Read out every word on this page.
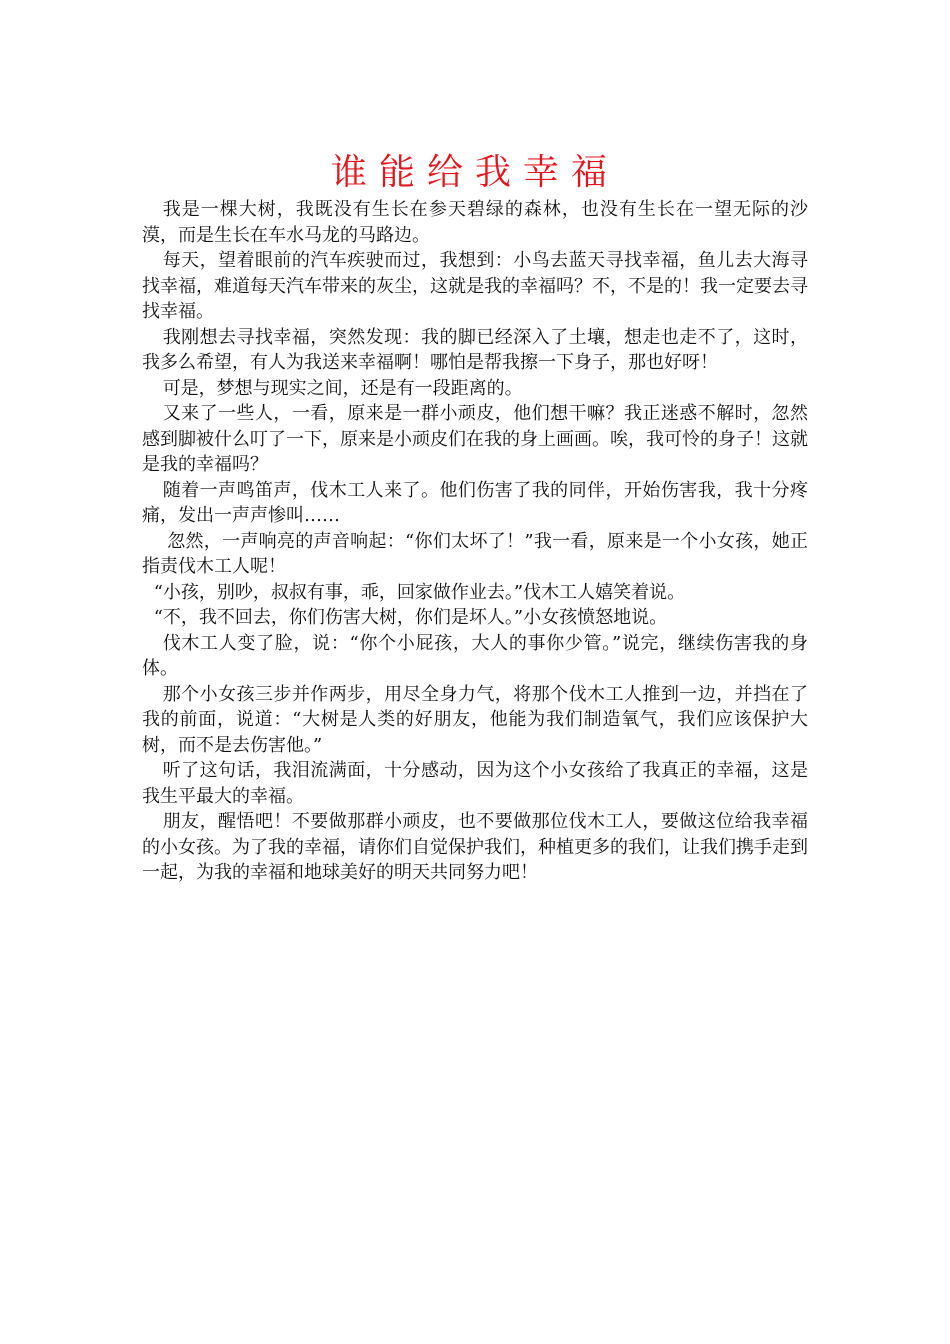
谁能给我幸福

我是一棵大树，我既没有生长在参天碧绿的森林，也没有生长在一望无际的沙漠，而是生长在车水马龙的马路边。

每天，望着眼前的汽车疾驶而过，我想到：小鸟去蓝天寻找幸福，鱼儿去大海寻找幸福，难道每天汽车带来的灰尘，这就是我的幸福吗？不，不是的！我一定要去寻找幸福。

我刚想去寻找幸福，突然发现：我的脚已经深入了土壤，想走也走不了，这时，我多么希望，有人为我送来幸福啊！哪怕是帮我擦一下身子，那也好呀！

可是，梦想与现实之间，还是有一段距离的。

又来了一些人，一看，原来是一群小顽皮，他们想干嘛？我正迷惑不解时，忽然感到脚被什么叮了一下，原来是小顽皮们在我的身上画画。唉，我可怜的身子！这就是我的幸福吗？

随着一声鸣笛声，伐木工人来了。他们伤害了我的同伴，开始伤害我，我十分疼痛，发出一声声惨叫……

忽然，一声响亮的声音响起：“你们太坏了！”我一看，原来是一个小女孩，她正指责伐木工人呢！

“小孩，别吵，叔叔有事，乖，回家做作业去。”伐木工人嬉笑着说。

“不，我不回去，你们伤害大树，你们是坏人。”小女孩愤怒地说。

伐木工人变了脸，说：“你个小屁孩，大人的事你少管。”说完，继续伤害我的身体。

那个小女孩三步并作两步，用尽全身力气，将那个伐木工人推到一边，并挡在了我的前面，说道：“大树是人类的好朋友，他能为我们制造氧气，我们应该保护大树，而不是去伤害他。”

听了这句话，我泪流满面，十分感动，因为这个小女孩给了我真正的幸福，这是我生平最大的幸福。

朋友，醒悟吧！不要做那群小顽皮，也不要做那位伐木工人，要做这位给我幸福的小女孩。为了我的幸福，请你们自觉保护我们，种植更多的我们，让我们携手走到一起，为我的幸福和地球美好的明天共同努力吧！
